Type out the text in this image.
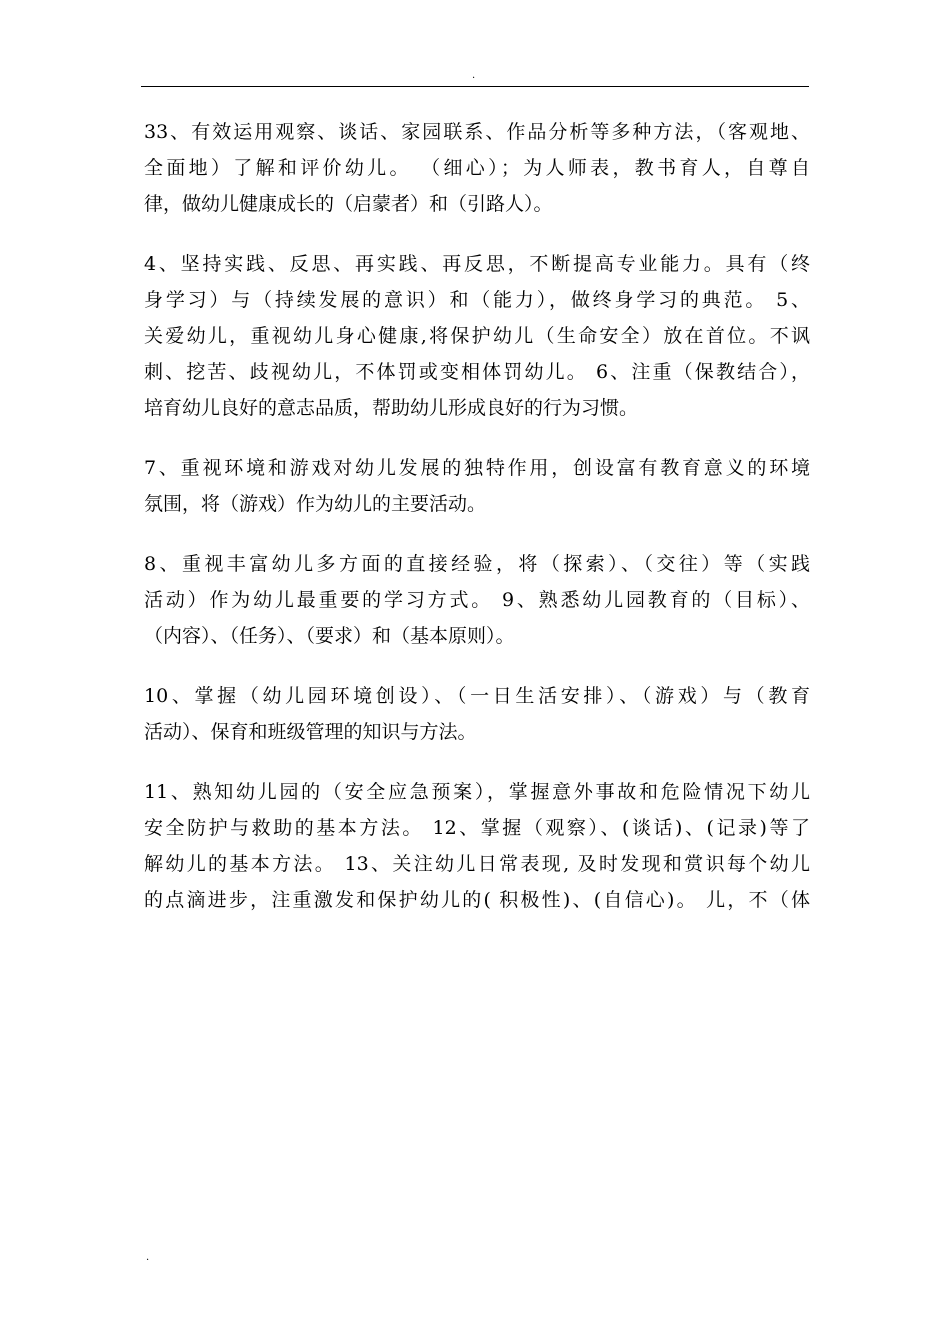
.

33、有效运用观察、谈话、家园联系、作品分析等多种方法，（客观地、
全面地）了解和评价幼儿。 （细心）；为人师表，教书育人，自尊自
律，做幼儿健康成长的（启蒙者）和（引路人）。

4、坚持实践、反思、再实践、再反思，不断提高专业能力。具有（终
身学习）与（持续发展的意识）和（能力），做终身学习的典范。 5、
关爱幼儿，重视幼儿身心健康,将保护幼儿（生命安全）放在首位。不讽
刺、挖苦、歧视幼儿，不体罚或变相体罚幼儿。 6、注重（保教结合），
培育幼儿良好的意志品质，帮助幼儿形成良好的行为习惯。

7、重视环境和游戏对幼儿发展的独特作用，创设富有教育意义的环境
氛围，将（游戏）作为幼儿的主要活动。

8、重视丰富幼儿多方面的直接经验，将（探索）、（交往）等（实践
活动）作为幼儿最重要的学习方式。 9、熟悉幼儿园教育的（目标）、
（内容）、（任务）、（要求）和（基本原则）。

10、掌握（幼儿园环境创设）、（一日生活安排）、（游戏）与（教育
活动）、保育和班级管理的知识与方法。

11、熟知幼儿园的（安全应急预案），掌握意外事故和危险情况下幼儿
安全防护与救助的基本方法。 12、掌握（观察）、(谈话)、(记录)等了
解幼儿的基本方法。 13、关注幼儿日常表现, 及时发现和赏识每个幼儿
的点滴进步，注重激发和保护幼儿的( 积极性)、(自信心)。 儿，不（体

.
